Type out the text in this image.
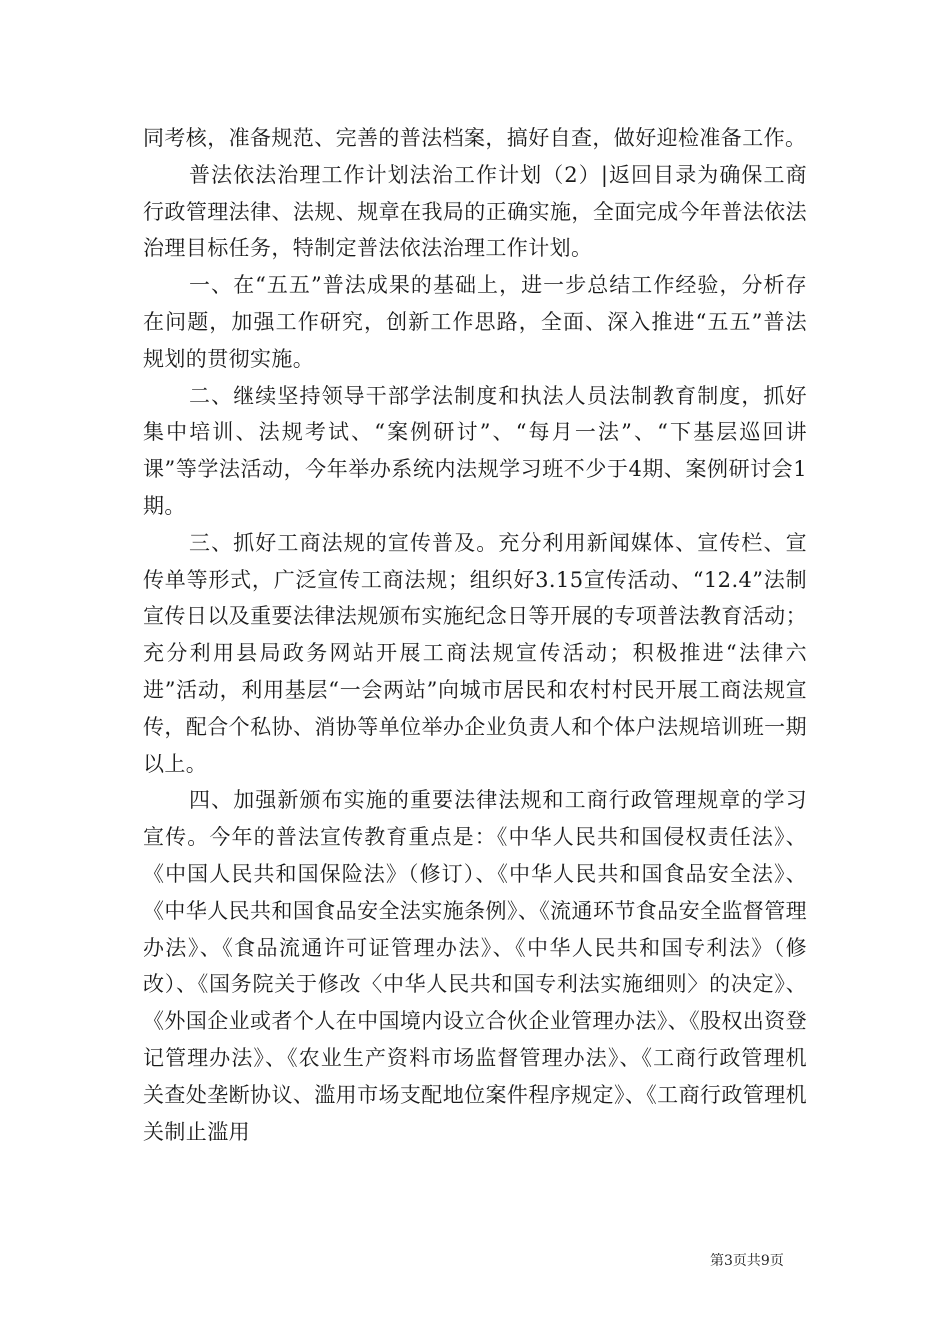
同考核，准备规范、完善的普法档案，搞好自查，做好迎检准备工作。

普法依法治理工作计划法治工作计划（2）|返回目录为确保工商行政管理法律、法规、规章在我局的正确实施，全面完成今年普法依法治理目标任务，特制定普法依法治理工作计划。

一、在“五五”普法成果的基础上，进一步总结工作经验，分析存在问题，加强工作研究，创新工作思路，全面、深入推进“五五”普法规划的贯彻实施。

二、继续坚持领导干部学法制度和执法人员法制教育制度，抓好集中培训、法规考试、“案例研讨”、“每月一法”、“下基层巡回讲课”等学法活动，今年举办系统内法规学习班不少于4期、案例研讨会1期。

三、抓好工商法规的宣传普及。充分利用新闻媒体、宣传栏、宣传单等形式，广泛宣传工商法规；组织好3.15宣传活动、“12.4”法制宣传日以及重要法律法规颁布实施纪念日等开展的专项普法教育活动；充分利用县局政务网站开展工商法规宣传活动；积极推进“法律六进”活动，利用基层“一会两站”向城市居民和农村村民开展工商法规宣传，配合个私协、消协等单位举办企业负责人和个体户法规培训班一期以上。

四、加强新颁布实施的重要法律法规和工商行政管理规章的学习宣传。今年的普法宣传教育重点是：《中华人民共和国侵权责任法》、《中国人民共和国保险法》（修订）、《中华人民共和国食品安全法》、《中华人民共和国食品安全法实施条例》、《流通环节食品安全监督管理办法》、《食品流通许可证管理办法》、《中华人民共和国专利法》（修改）、《国务院关于修改〈中华人民共和国专利法实施细则〉的决定》、《外国企业或者个人在中国境内设立合伙企业管理办法》、《股权出资登记管理办法》、《农业生产资料市场监督管理办法》、《工商行政管理机关查处垄断协议、滥用市场支配地位案件程序规定》、《工商行政管理机关制止滥用

第3页共9页
